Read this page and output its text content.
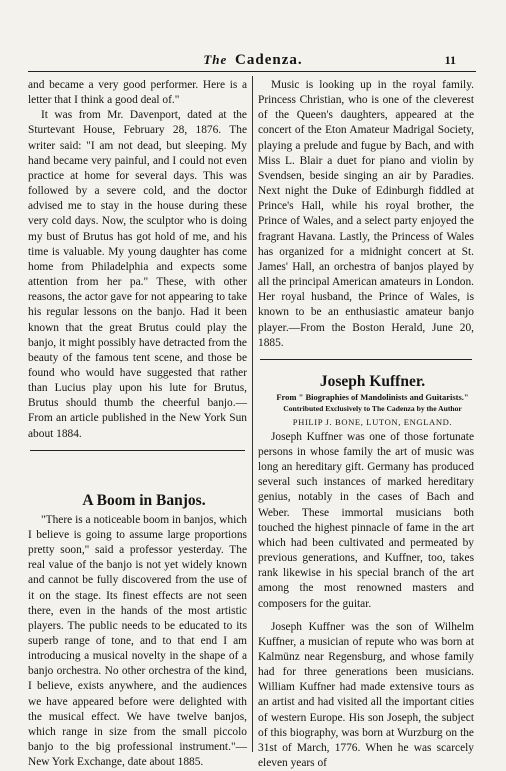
The Cadenza.	11

and became a very good performer. Here is a letter that I think a good deal of."

It was from Mr. Davenport, dated at the Sturtevant House, February 28, 1876. The writer said: "I am not dead, but sleeping. My hand became very painful, and I could not even practice at home for several days. This was followed by a severe cold, and the doctor advised me to stay in the house during these very cold days. Now, the sculptor who is doing my bust of Brutus has got hold of me, and his time is valuable. My young daughter has come home from Philadelphia and expects some attention from her pa." These, with other reasons, the actor gave for not appearing to take his regular lessons on the banjo. Had it been known that the great Brutus could play the banjo, it might possibly have detracted from the beauty of the famous tent scene, and those be found who would have suggested that rather than Lucius play upon his lute for Brutus, Brutus should thumb the cheerful banjo.—From an article published in the New York Sun about 1884.

A Boom in Banjos.

"There is a noticeable boom in banjos, which I believe is going to assume large proportions pretty soon," said a professor yesterday. The real value of the banjo is not yet widely known and cannot be fully discovered from the use of it on the stage. Its finest effects are not seen there, even in the hands of the most artistic players. The public needs to be educated to its superb range of tone, and to that end I am introducing a musical novelty in the shape of a banjo orchestra. No other orchestra of the kind, I believe, exists anywhere, and the audiences we have appeared before were delighted with the musical effect. We have twelve banjos, which range in size from the small piccolo banjo to the big professional instrument."—New York Exchange, date about 1885.

Music is looking up in the royal family. Princess Christian, who is one of the cleverest of the Queen's daughters, appeared at the concert of the Eton Amateur Madrigal Society, playing a prelude and fugue by Bach, and with Miss L. Blair a duet for piano and violin by Svendsen, beside singing an air by Paradies. Next night the Duke of Edinburgh fiddled at Prince's Hall, while his royal brother, the Prince of Wales, and a select party enjoyed the fragrant Havana. Lastly, the Princess of Wales has organized for a midnight concert at St. James' Hall, an orchestra of banjos played by all the principal American amateurs in London. Her royal husband, the Prince of Wales, is known to be an enthusiastic amateur banjo player.—From the Boston Herald, June 20, 1885.

Joseph Kuffner.

From " Biographies of Mandolinists and Guitarists."

Contributed Exclusively to The Cadenza by the Author

PHILIP J. BONE, LUTON, ENGLAND.

Joseph Kuffner was one of those fortunate persons in whose family the art of music was long an hereditary gift. Germany has produced several such instances of marked hereditary genius, notably in the cases of Bach and Weber. These immortal musicians both touched the highest pinnacle of fame in the art which had been cultivated and permeated by previous generations, and Kuffner, too, takes rank likewise in his special branch of the art among the most renowned masters and composers for the guitar.

Joseph Kuffner was the son of Wilhelm Kuffner, a musician of repute who was born at Kalmünz near Regensburg, and whose family had for three generations been musicians. William Kuffner had made extensive tours as an artist and had visited all the important cities of western Europe. His son Joseph, the subject of this biography, was born at Wurzburg on the 31st of March, 1776. When he was scarcely eleven years of
